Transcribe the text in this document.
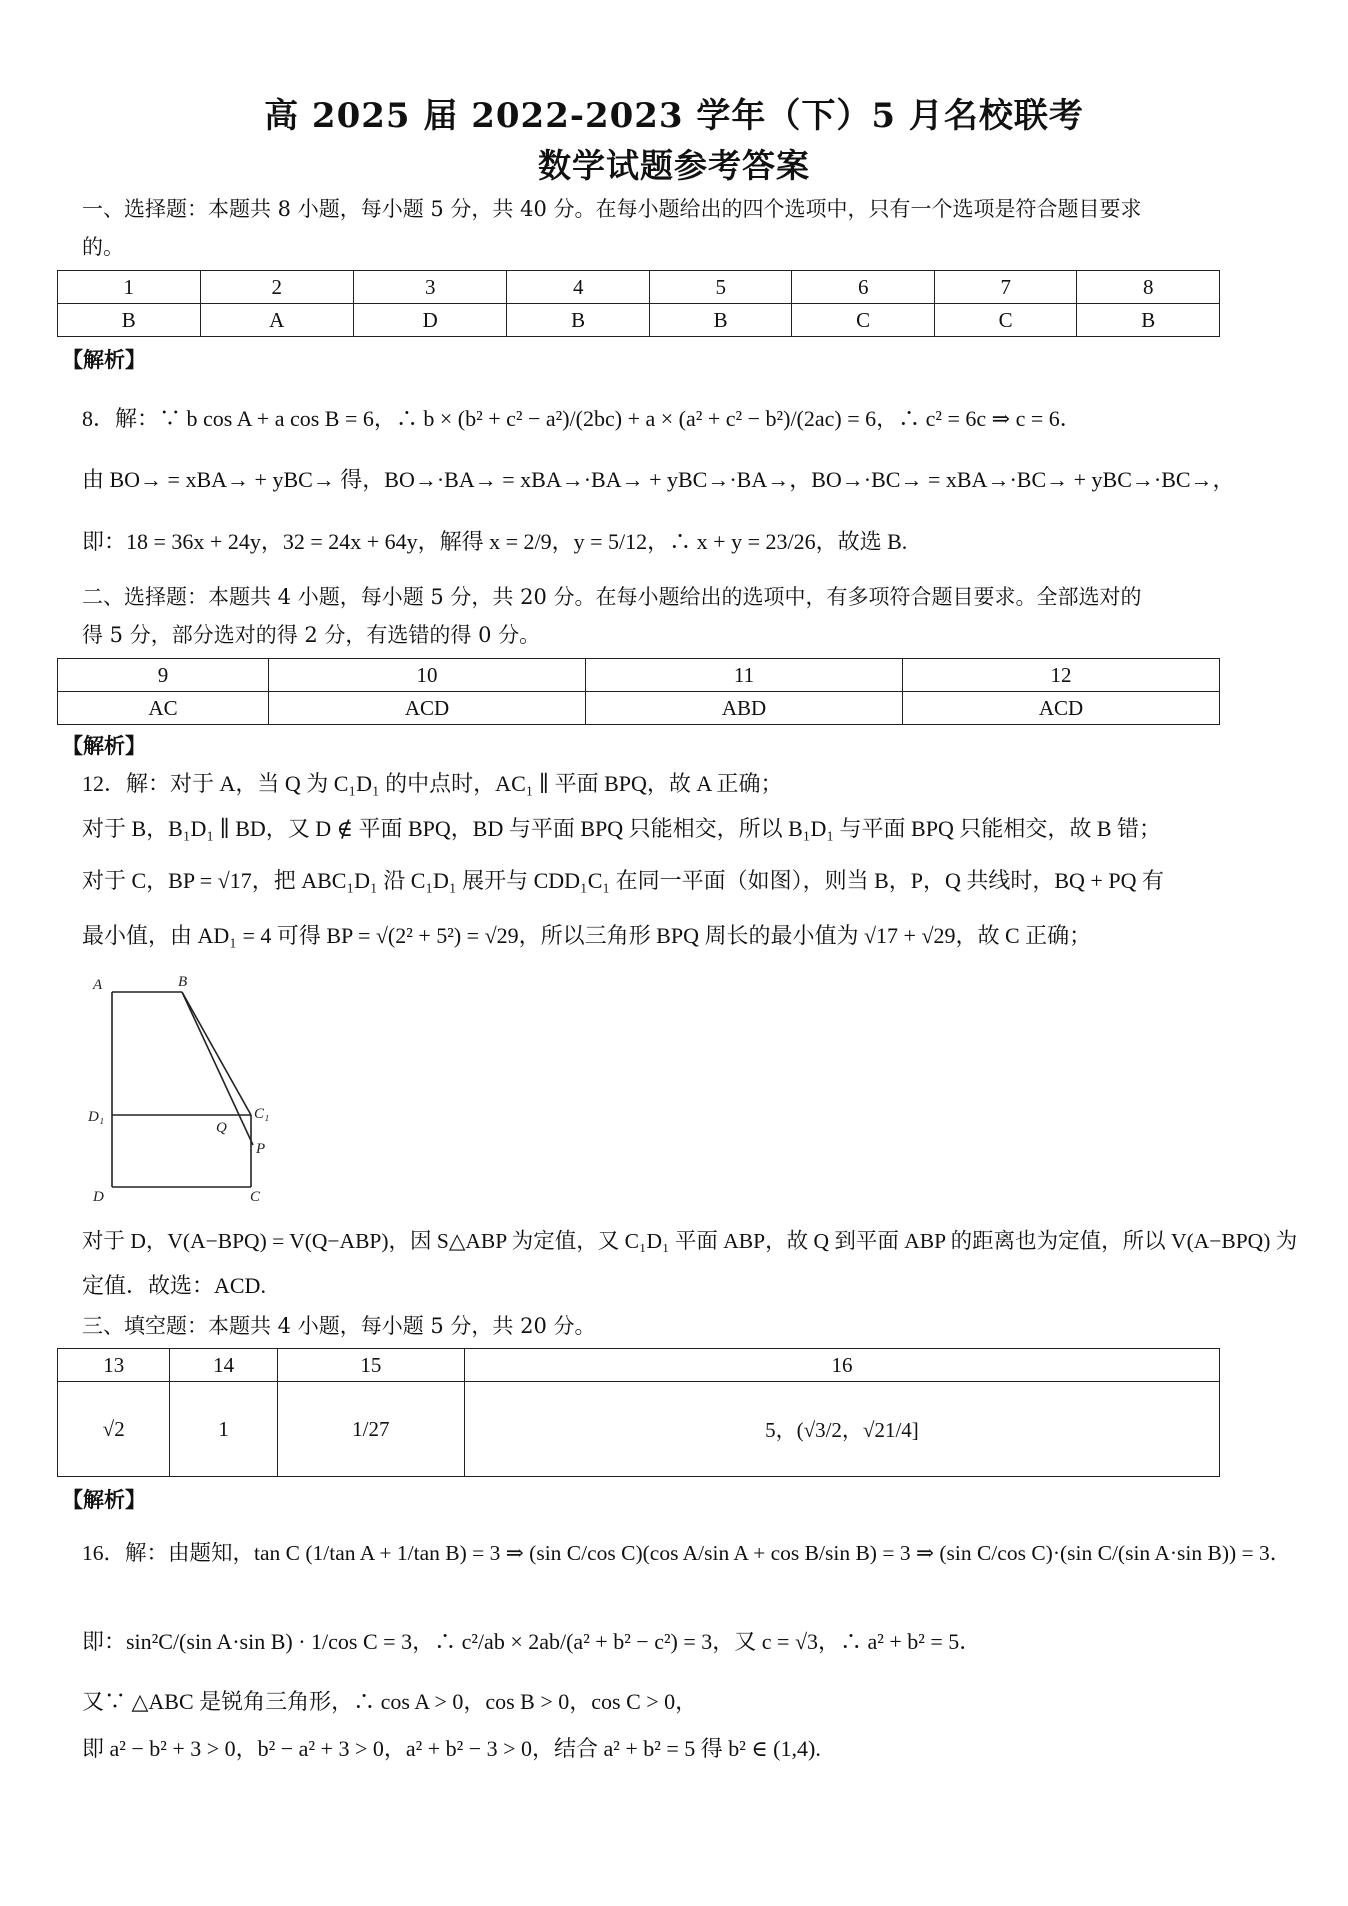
高 2025 届 2022-2023 学年（下）5 月名校联考
数学试题参考答案
一、选择题：本题共 8 小题，每小题 5 分，共 40 分。在每小题给出的四个选项中，只有一个选项是符合题目要求
的。
1	2	3	4	5	6	7	8
B	A	D	B	B	C	C	B
【解析】
8．解：∵ b cos A + a cos B = 6，∴ b × (b² + c² − a²)/(2bc) + a × (a² + c² − b²)/(2ac) = 6，∴ c² = 6c ⇒ c = 6．
由 BO→ = xBA→ + yBC→ 得，BO→·BA→ = xBA→·BA→ + yBC→·BA→，BO→·BC→ = xBA→·BC→ + yBC→·BC→，
即：18 = 36x + 24y，32 = 24x + 64y，解得 x = 2/9，y = 5/12，∴ x + y = 23/26，故选 B.
二、选择题：本题共 4 小题，每小题 5 分，共 20 分。在每小题给出的选项中，有多项符合题目要求。全部选对的
得 5 分，部分选对的得 2 分，有选错的得 0 分。
9	10	11	12
AC	ACD	ABD	ACD
【解析】
12．解：对于 A，当 Q 为 C₁D₁ 的中点时，AC₁ ∥ 平面 BPQ，故 A 正确；
对于 B，B₁D₁ ∥ BD，又 D ∉ 平面 BPQ，BD 与平面 BPQ 只能相交，所以 B₁D₁ 与平面 BPQ 只能相交，故 B 错；
对于 C，BP = √17，把 ABC₁D₁ 沿 C₁D₁ 展开与 CDD₁C₁ 在同一平面（如图），则当 B，P，Q 共线时，BQ + PQ 有
最小值，由 AD₁ = 4 可得 BP = √(2² + 5²) = √29，所以三角形 BPQ 周长的最小值为 √17 + √29，故 C 正确；
A	B
D₁
Q
C₁
P
D	C
对于 D，V(A−BPQ) = V(Q−ABP)，因 S△ABP 为定值，又 C₁D₁ 平面 ABP，故 Q 到平面 ABP 的距离也为定值，所以 V(A−BPQ) 为
定值．故选：ACD.
三、填空题：本题共 4 小题，每小题 5 分，共 20 分。
13	14	15	16
√2	1	1/27	5，(√3/2，√21/4]
【解析】
16．解：由题知，tan C (1/tan A + 1/tan B) = 3 ⇒ (sin C/cos C)(cos A/sin A + cos B/sin B) = 3 ⇒ (sin C/cos C)·(sin C/(sin A·sin B)) = 3．
即：sin²C/(sin A·sin B) · 1/cos C = 3，∴ c²/ab × 2ab/(a² + b² − c²) = 3，又 c = √3，∴ a² + b² = 5．
又∵ △ABC 是锐角三角形，∴ cos A > 0，cos B > 0，cos C > 0，
即 a² − b² + 3 > 0，b² − a² + 3 > 0，a² + b² − 3 > 0，结合 a² + b² = 5 得 b² ∈ (1,4).
